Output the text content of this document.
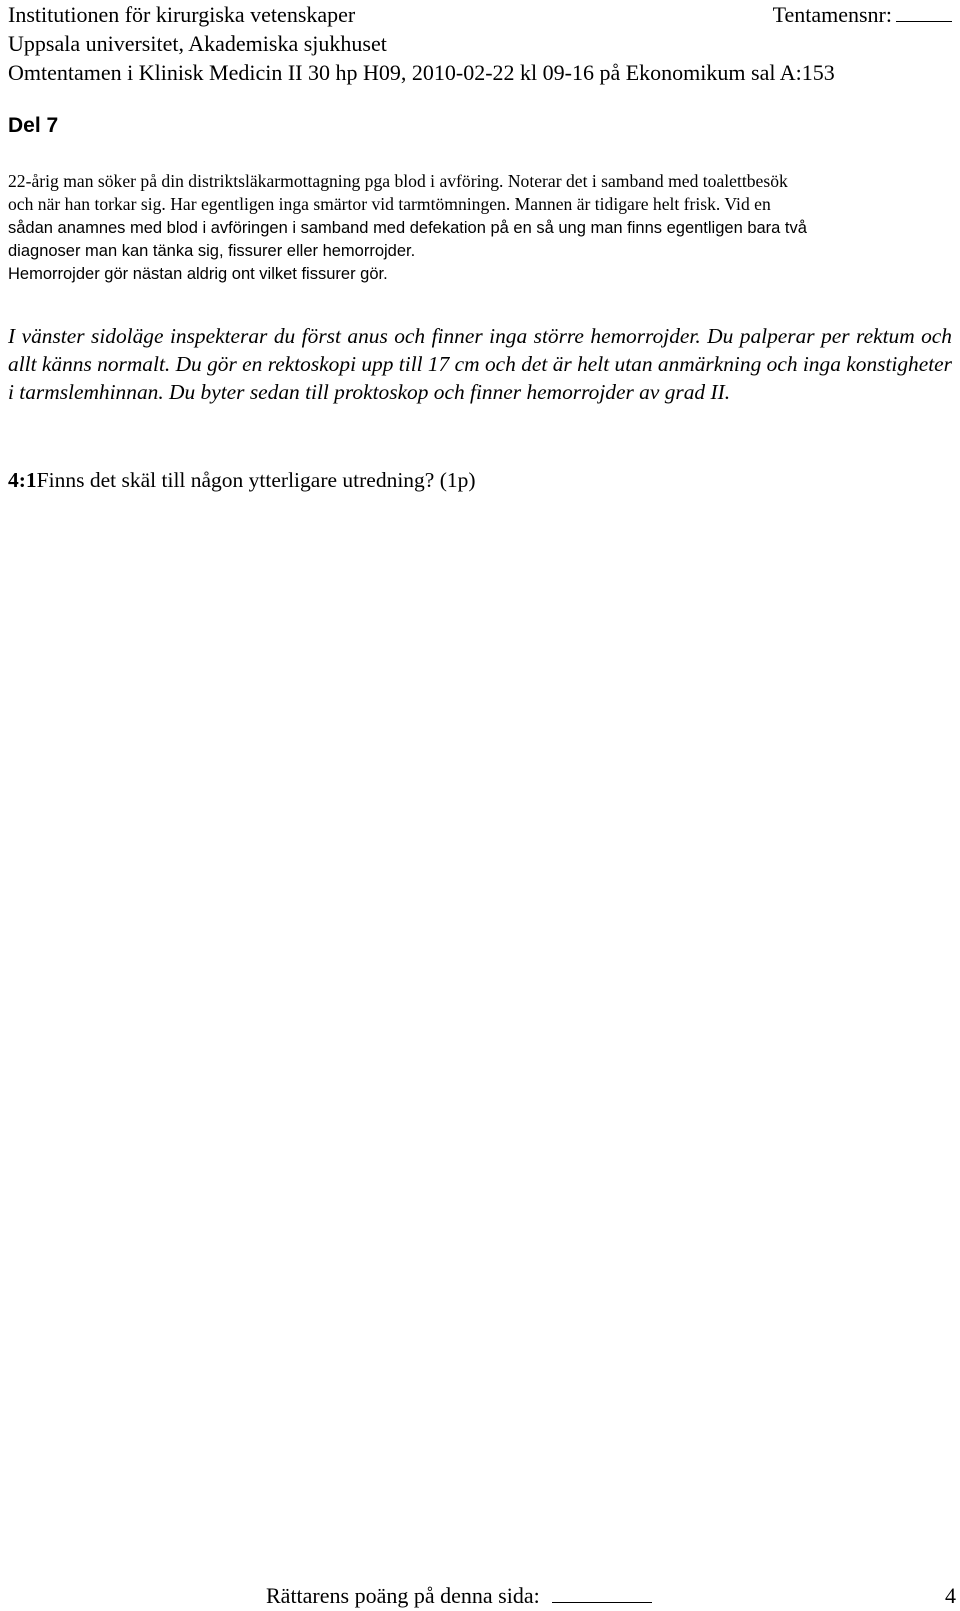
Institutionen för kirurgiska vetenskaper	Tentamensnr:
Uppsala universitet, Akademiska sjukhuset
Omtentamen i Klinisk Medicin II 30 hp H09, 2010-02-22 kl 09-16 på Ekonomikum sal A:153
Del 7
22-årig man söker på din distriktsläkarmottagning pga blod i avföring. Noterar det i samband med toalettbesök
och när han torkar sig. Har egentligen inga smärtor vid tarmtömningen. Mannen är tidigare helt frisk. Vid en
sådan anamnes med blod i avföringen i samband med defekation på en så ung man finns egentligen bara två
diagnoser man kan tänka sig, fissurer eller hemorrojder.
Hemorrojder gör nästan aldrig ont vilket fissurer gör.
I vänster sidoläge inspekterar du först anus och finner inga större hemorrojder. Du palperar per rektum och allt känns normalt. Du gör en rektoskopi upp till 17 cm och det är helt utan anmärkning och inga konstigheter i tarmslemhinnan. Du byter sedan till proktoskop och finner hemorrojder av grad II.
4:1Finns det skäl till någon ytterligare utredning? (1p)
Rättarens poäng på denna sida:	4
